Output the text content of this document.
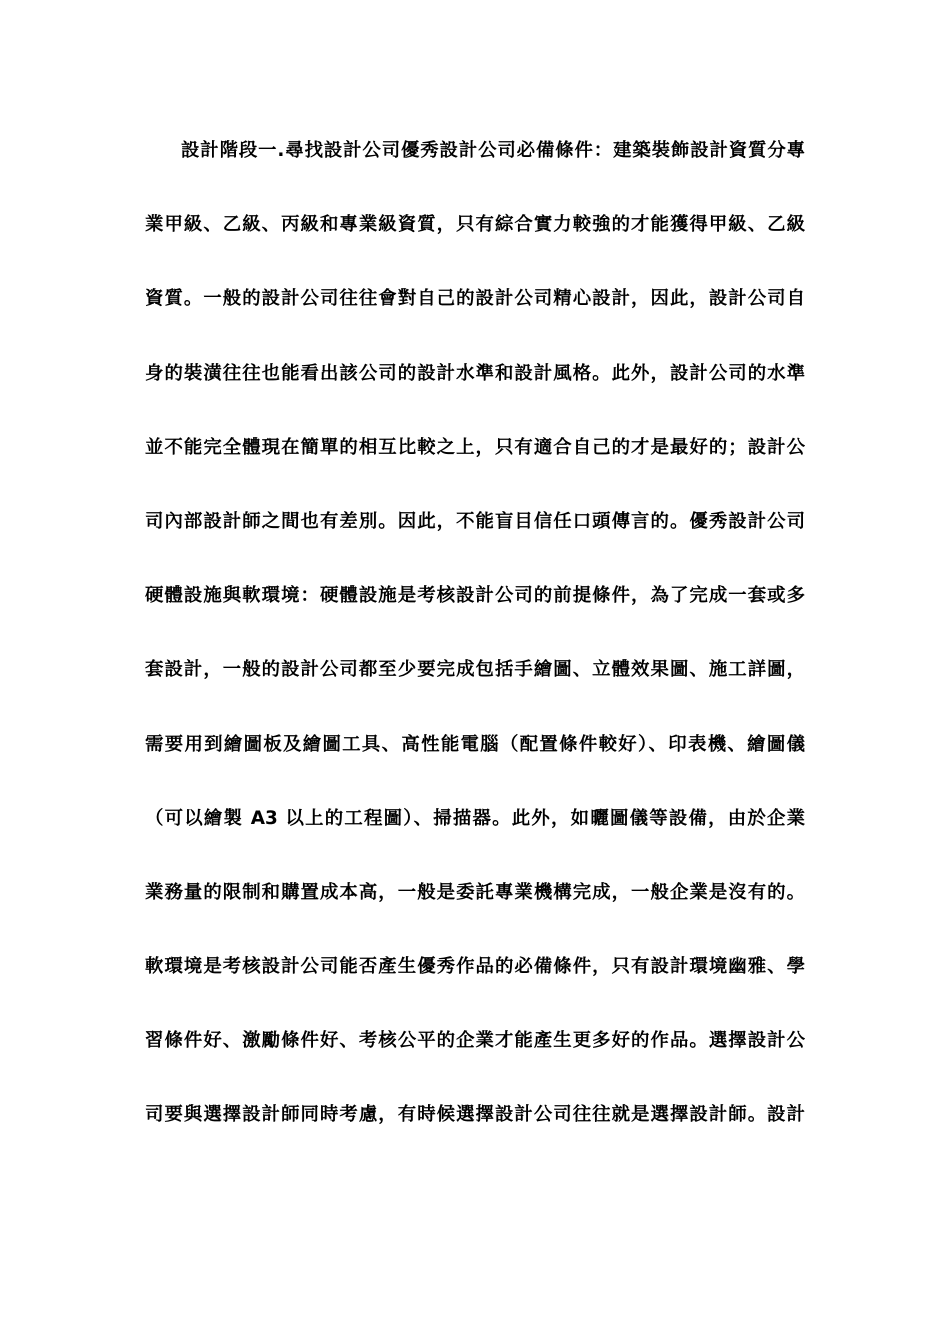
設計階段一.尋找設計公司優秀設計公司必備條件：建築裝飾設計資質分專
業甲級、乙級、丙級和專業級資質，只有綜合實力較強的才能獲得甲級、乙級
資質。一般的設計公司往往會對自己的設計公司精心設計，因此，設計公司自
身的裝潢往往也能看出該公司的設計水準和設計風格。此外，設計公司的水準
並不能完全體現在簡單的相互比較之上，只有適合自己的才是最好的；設計公
司內部設計師之間也有差別。因此，不能盲目信任口頭傳言的。優秀設計公司
硬體設施與軟環境：硬體設施是考核設計公司的前提條件，為了完成一套或多
套設計，一般的設計公司都至少要完成包括手繪圖、立體效果圖、施工詳圖，
需要用到繪圖板及繪圖工具、高性能電腦（配置條件較好）、印表機、繪圖儀
（可以繪製 A3 以上的工程圖）、掃描器。此外，如曬圖儀等設備，由於企業
業務量的限制和購置成本高，一般是委託專業機構完成，一般企業是沒有的。
軟環境是考核設計公司能否產生優秀作品的必備條件，只有設計環境幽雅、學
習條件好、激勵條件好、考核公平的企業才能產生更多好的作品。選擇設計公
司要與選擇設計師同時考慮，有時候選擇設計公司往往就是選擇設計師。設計
